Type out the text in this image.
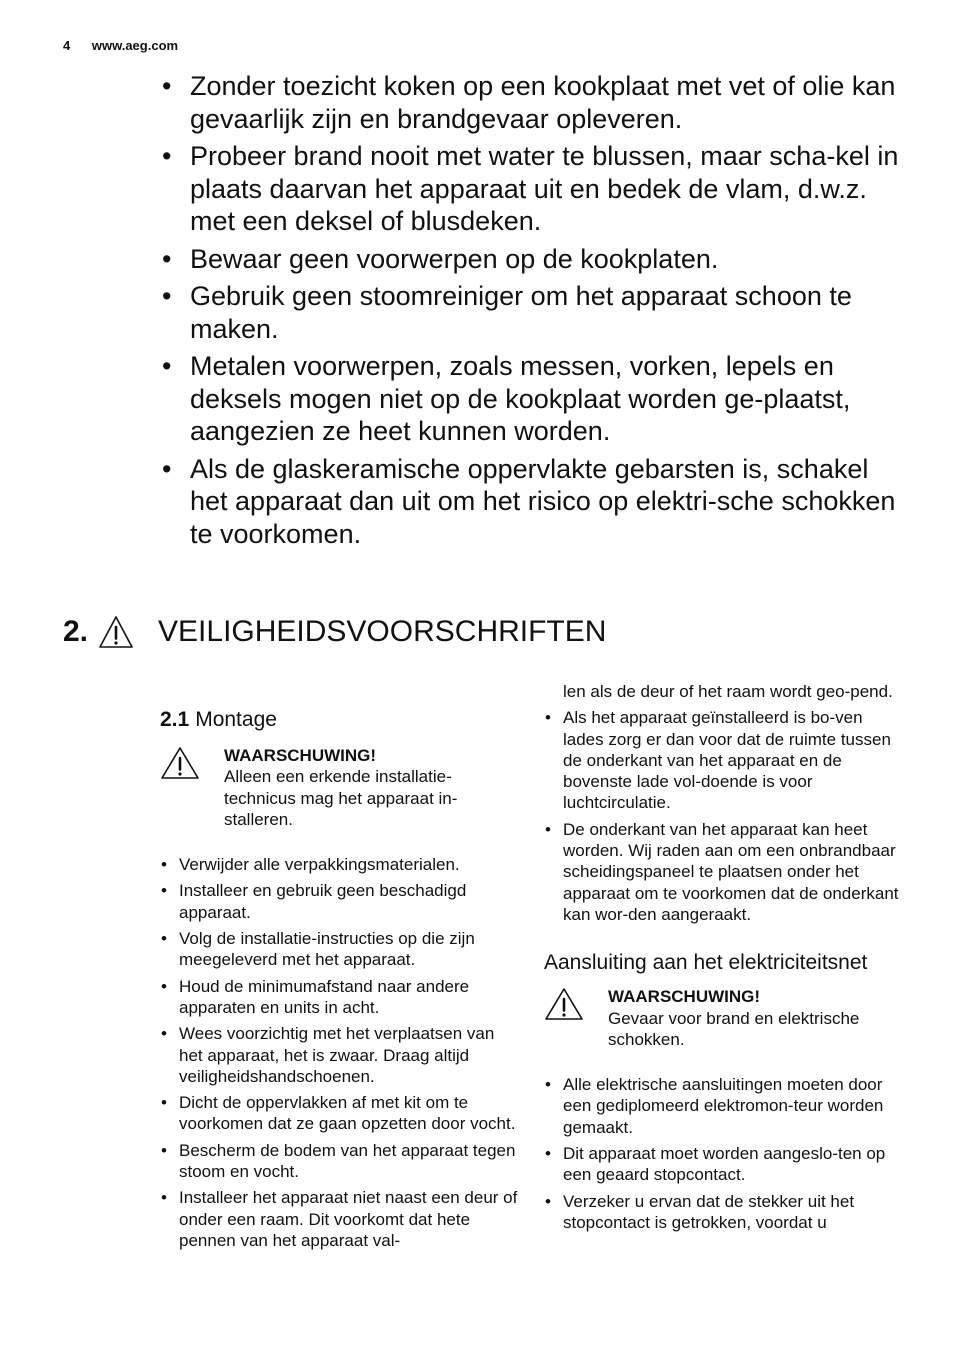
4 www.aeg.com
• Zonder toezicht koken op een kookplaat met vet of olie kan gevaarlijk zijn en brandgevaar opleveren.
• Probeer brand nooit met water te blussen, maar scha-kel in plaats daarvan het apparaat uit en bedek de vlam, d.w.z. met een deksel of blusdeken.
• Bewaar geen voorwerpen op de kookplaten.
• Gebruik geen stoomreiniger om het apparaat schoon te maken.
• Metalen voorwerpen, zoals messen, vorken, lepels en deksels mogen niet op de kookplaat worden ge-plaatst, aangezien ze heet kunnen worden.
• Als de glaskeramische oppervlakte gebarsten is, schakel het apparaat dan uit om het risico op elektri-sche schokken te voorkomen.
2. VEILIGHEIDSVOORSCHRIFTEN
2.1 Montage
WAARSCHUWING!
Alleen een erkende installatie-technicus mag het apparaat in-stalleren.
• Verwijder alle verpakkingsmaterialen.
• Installeer en gebruik geen beschadigd apparaat.
• Volg de installatie-instructies op die zijn meegeleverd met het apparaat.
• Houd de minimumafstand naar andere apparaten en units in acht.
• Wees voorzichtig met het verplaatsen van het apparaat, het is zwaar. Draag altijd veiligheidshandschoenen.
• Dicht de oppervlakken af met kit om te voorkomen dat ze gaan opzetten door vocht.
• Bescherm de bodem van het apparaat tegen stoom en vocht.
• Installeer het apparaat niet naast een deur of onder een raam. Dit voorkomt dat hete pennen van het apparaat val-

len als de deur of het raam wordt geo-pend.

• Als het apparaat geïnstalleerd is bo-ven lades zorg er dan voor dat de ruimte tussen de onderkant van het apparaat en de bovenste lade vol-doende is voor luchtcirculatie.
• De onderkant van het apparaat kan heet worden. Wij raden aan om een onbrandbaar scheidingspaneel te plaatsen onder het apparaat om te voorkomen dat de onderkant kan wor-den aangeraakt.
Aansluiting aan het elektriciteitsnet
WAARSCHUWING!
Gevaar voor brand en elektrische schokken.
• Alle elektrische aansluitingen moeten door een gediplomeerd elektromon-teur worden gemaakt.
• Dit apparaat moet worden aangeslo-ten op een geaard stopcontact.
• Verzeker u ervan dat de stekker uit het stopcontact is getrokken, voordat u
